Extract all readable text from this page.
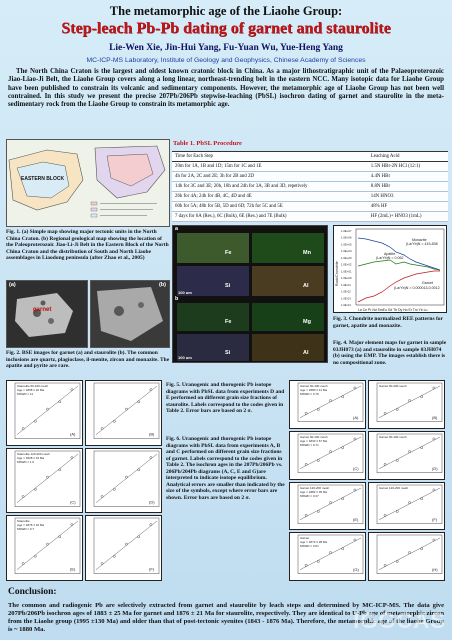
The metamorphic age of the Liaohe Group:
Step-leach Pb-Pb dating of garnet and staurolite
Lie-Wen Xie, Jin-Hui Yang, Fu-Yuan Wu, Yue-Heng Yang
MC-ICP-MS Laboratory, Institute of Geology and Geophysics, Chinese Academy of Sciences
The North China Craton is the largest and oldest known cratonic block in China. As a major lithostratigraphic unit of the Palaeoproterozoic Jiao-Liao-Ji Belt, the Liaohe Group covers along a long linear, northeast-trending belt in the eastern NCC. Many isotopic data for Liaohe Group have been published to constrain its volcanic and sedimentary components. However, the metamorphic age of Liaohe Group has not been well contrained. In this study we present the precise 207Pb/206Pb stepwise-leaching (PbSL) isochron dating of garnet and staurolite in the meta-sedimentary rock from the Liaohe Group to constrain its metamorphic age.
EASTERN BLOCK
Fig. 1. (a) Simple map showing major tectonic units in the North China Craton. (b) Regional geological map showing the location of the Paleoproterozoic Jiao-Li-Ji Belt in the Eastern Block of the North China Craton and the distribution of South and North Liaohe assemblages in Liaodong peninsula (after Zhao et al., 2005)
Table 1. PbSL Procedure
Time for Each Step	Leaching Acid
20m for 1A, 1B and 1D; 15m for 1C and 1E	1.5N HBr-2N HCl (12:1)
4h for 2A, 2C and 2E; 3h for 2B and 2D	4.4N HBr
14h for 3C and 3E; 20h, 18h and 24h for 3A, 3B and 3D, repetively	8.8N HBr
26h for 4A; 24h for 4B, 4C, 4D and 4E	14N HNO3
60h for 5A; 48h for 5B, 5D and 6D; 72h for 5C and 5E	48% HF
7 days for 6A (Res.), 6C (Bulk), 6E (Res.) and 7E (Bulk)	HF (2mL)+ HNO3 (1mL)
(a)
garnet
(b)
Fig. 2. BSE images for garnet (a) and staurolite (b). The common inclusions are quartz, plagioclase, il-menite, zircon and monazite. The apatite and pyrite are rare.
a
Fe	Mn
Si	Al
100 um
b
Fe	Mg
Si	Al
100 um
Rock/Chondrite
1.0E+07
1.0E+06
1.0E+05
1.0E+04
1.0E+03
1.0E+02
1.0E+01
1.0E+00
1.0E-01
1.0E-02
1.0E-03
1.0E-04
La Ce Pr Nd SmEu Gd Tb Dy Ho Er Tm Yb Lu
Monazite
(La/Yb)N = 415-838
Apatite
(La/Yb)N = 0.062
Garnet
(La/Yb)N = 0.000013-0.0012
Fig. 3. Chondrite normalized REE patterns for garnet, apatite and monazite.
Fig. 4. Major element maps for garnet in sample 03JH073 (a) and staurolite in sample 03JH074 (b) using the EMP. The images establish there is no compositional zone.
Staurolite 60-100 mesh
Age = 1868 ± 22 Ma
MSWD = 11
(A)	(B)
Staurolite 120-200 mesh
Age = 1828 ± 19 Ma
MSWD = 1.6
(C)	(D)
Staurolite
Age = 1876 ± 10 Ma
MSWD = 0.7
(E)	(F)
Fig. 5. Uranogenic and thorogenic Pb isotope diagrams with PbSL data from experiments D and E performed on different grain size fractions of staurolite. Labels correspond to the codes given in Table 2. Error bars are based on 2 σ.
Fig. 6. Uranogenic and thorogenic Pb isotope diagrams with PbSL data from experiments A, B and C performed on different grain size fractions of garnet. Labels correspond to the codes given in Table 2. The isochron ages in the 207Pb/206Pb vs. 206Pb/204Pb diagrams (A, C, E and G)are interpreted to indicate isotope equilibrium. Analytical errors are smaller than indicated by the size of the symbols, except where error bars are shown. Error bars are based on 2 σ.
Garnet 60-100 mesh
Age = 1880 ± 41 Ma
MSWD = 0.76
(A)
Garnet 60-200 mesh
(B)
Garnet 60-100 mesh
Age = 1833 ± 67 Ma
MSWD = 0.71
(C)
Garnet 60-100 mesh
(D)
Garnet 120-200 mesh
Age = 1882 ± 36 Ma
MSWD = 0.37
(E)
Garnet 120-200 mesh
(F)
Garnet
Age = 1873 ± 28 Ma
MSWD = 0.51
(G)	(H)
Conclusion:
The common and radiogenic Pb are selectively extracted from garnet and staurolite by leach steps and determined by MC-ICP-MS. The data give 207Pb/206Pb isochron ages of 1883 ± 25 Ma for garnet and 1876 ± 21 Ma for staurolite, respectively. They are identical to U-Pb age of metamorphic zircon from the Liaohe group (1995 ±130 Ma) and older than that of post-tectonic syenites (1843 - 1876 Ma). Therefore, the metamorphic age of the liaohe Group is ~ 1880 Ma.	IGGCAS
